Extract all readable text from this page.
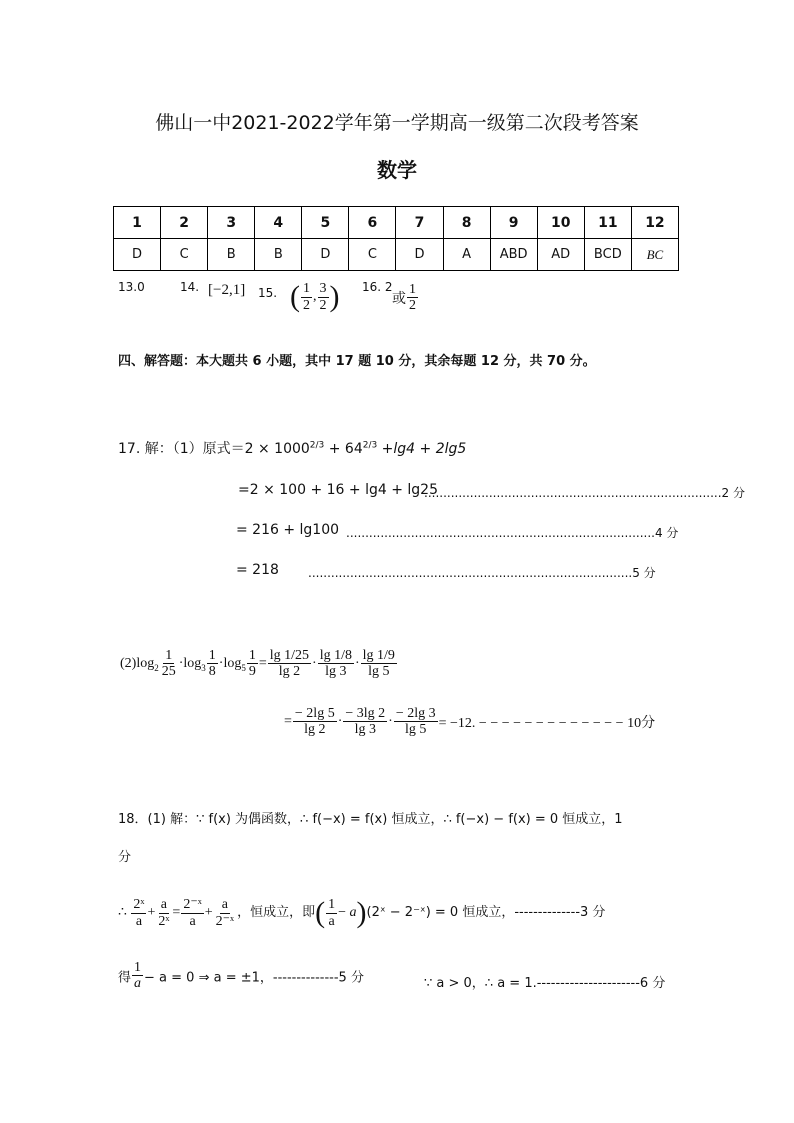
佛山一中2021-2022学年第一学期高一级第二次段考答案
数学
1	2	3	4	5	6	7	8	9	10	11	12
D	C	B	B	D	C	D	A	ABD	AD	BCD	BC
13.0	14. [−2,1] 15. ( $\frac{1}{2}$ , $\frac{3}{2}$ ) 16. 2
或 $\frac{1}{2}$
四、解答题：本大题共 6 小题，其中 17 题 10 分，其余每题 12 分，共 70 分。
17. 解：（1）原式$=2 \times 1000^{2/3} + 64^{2/3} +\lg 4 + 2\lg 5$
=2 × 100 + 16 + lg4 + lg25
..............................................................................2 分
= 216 + lg100 .................................................................................4 分
= 218 .....................................................................................5 分
$(2)\log_2 \frac{1}{25} \cdot\log_3 \frac{1}{8} \cdot\log_5 \frac{1}{9} = \frac{\lg 1/25}{\lg 2} \cdot \frac{\lg 1/8}{\lg 3} \cdot \frac{\lg 1/9}{\lg 5}$
= $\frac{- 2\lg 5}{\lg 2} \cdot \frac{- 3\lg 2}{\lg 3} \cdot \frac{- 2\lg 3}{\lg 5} = -12$. − − − − − − − − − − − − − 10分
18．(1) 解：∵ f(x) 为偶函数，∴ f(−x) = f(x) 恒成立，∴ f(−x) − f(x) = 0 恒成立，1
分
∴ $\frac{\text{2ˣ}}{a} + \frac{a}{\text{2ˣ}} = \frac{\text{2⁻ˣ}}{a} + \frac{a}{\text{2⁻ˣ}}$ ，恒成立，即( $\frac{1}{a}$ − a)(2ˣ − 2⁻ˣ) = 0 恒成立，--------------3 分
得 $\frac{1}{a} - a = 0$ ⇒ a = ±1，--------------5 分	∵ a > 0，∴ a = 1.----------------------6 分
